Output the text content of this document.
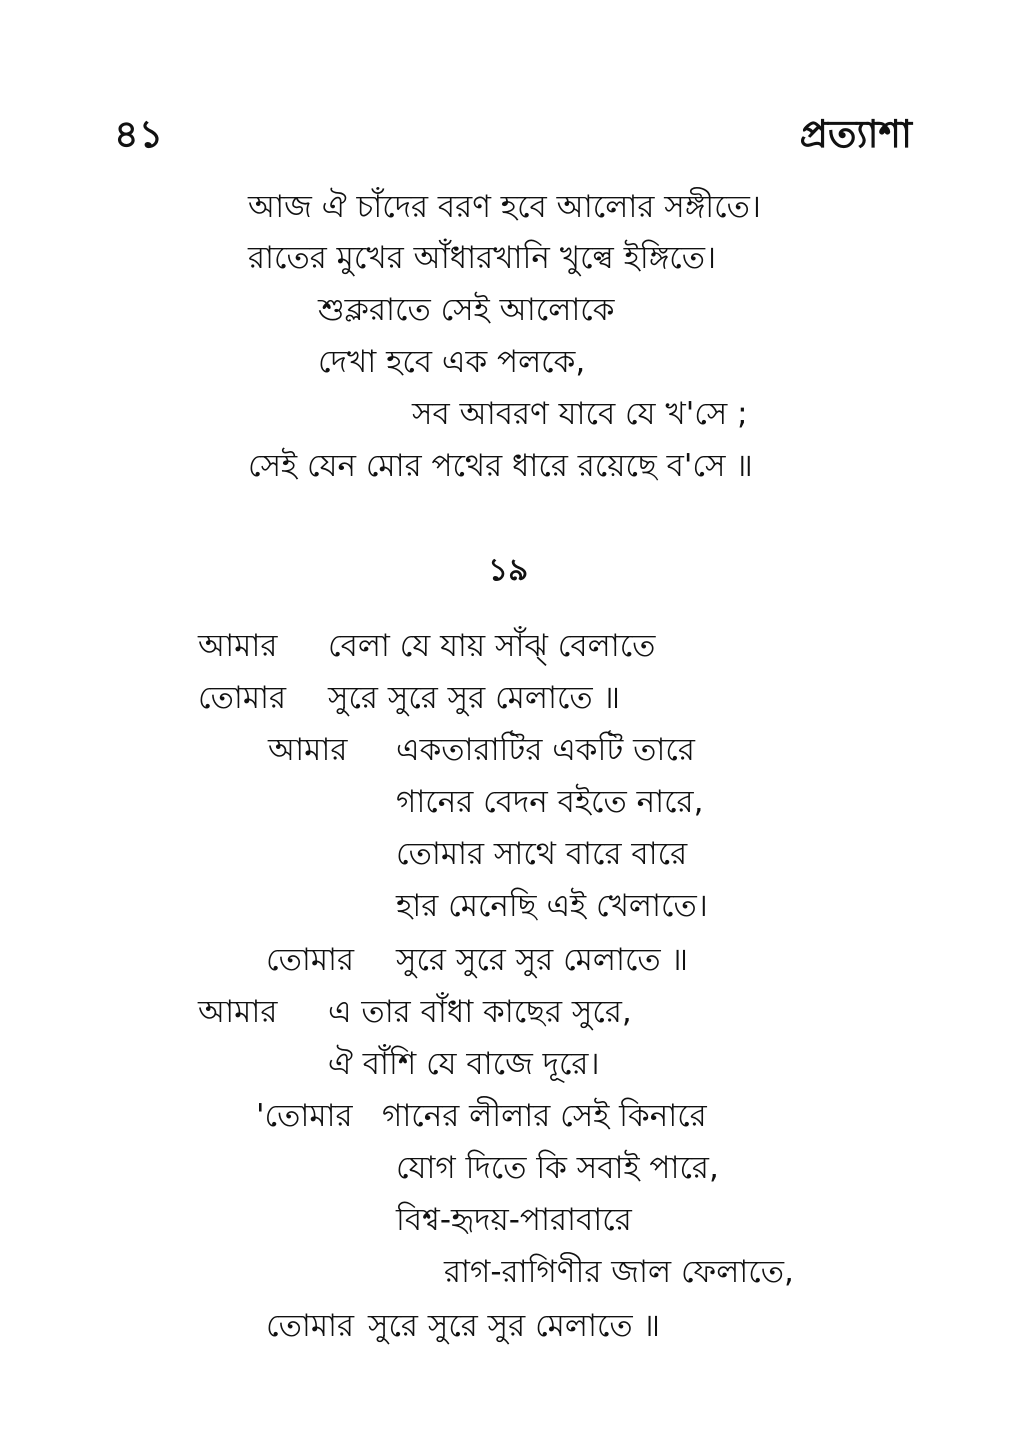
৪১	প্রত্যাশা
আজ ঐ চাঁদের বরণ হবে আলোর সঙ্গীতে।
রাতের মুখের আঁধারখানি খুল্বে ইঙ্গিতে।
শুক্লরাতে সেই আলোকে
দেখা হবে এক পলকে,
সব আবরণ যাবে যে খ'সে ;
সেই যেন মোর পথের ধারে রয়েছে ব'সে ॥
১৯
আমার বেলা যে যায় সাঁঝ্ বেলাতে
তোমার সুরে সুরে সুর মেলাতে ॥
আমার একতারাটির একটি তারে
গানের বেদন বইতে নারে,
তোমার সাথে বারে বারে
হার মেনেছি এই খেলাতে।
তোমার সুরে সুরে সুর মেলাতে ॥
আমার এ তার বাঁধা কাছের সুরে,
ঐ বাঁশি যে বাজে দূরে।
'তোমার গানের লীলার সেই কিনারে
যোগ দিতে কি সবাই পারে,
বিশ্ব-হৃদয়-পারাবারে
রাগ-রাগিণীর জাল ফেলাতে,
তোমার সুরে সুরে সুর মেলাতে ॥
